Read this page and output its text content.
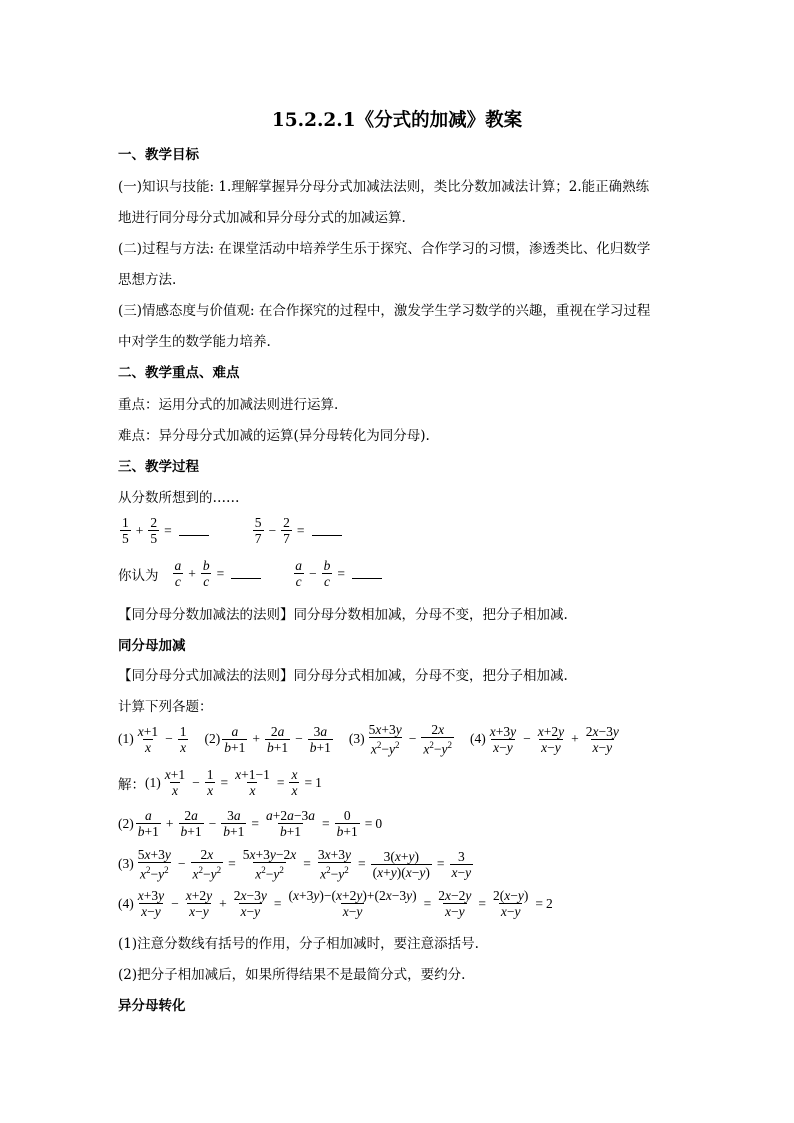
15.2.2.1《分式的加减》教案
一、教学目标
(一)知识与技能: 1.理解掌握异分母分式加减法法则，类比分数加减法计算；2.能正确熟练
地进行同分母分式加减和异分母分式的加减运算.
(二)过程与方法: 在课堂活动中培养学生乐于探究、合作学习的习惯，渗透类比、化归数学
思想方法.
(三)情感态度与价值观: 在合作探究的过程中，激发学生学习数学的兴趣，重视在学习过程
中对学生的数学能力培养.
二、教学重点、难点
重点：运用分式的加减法则进行运算.
难点：异分母分式加减的运算(异分母转化为同分母).
三、教学过程
从分数所想到的……
1
5
+ $\frac{2}{5}$ =	5
7
− $\frac{2}{7}$ =
你认为
a
c
+ $\frac{b}{c}$ =	a
c
− $\frac{b}{c}$ =
【同分母分数加减法的法则】同分母分数相加减，分母不变，把分子相加减.
同分母加减
【同分母分式加减法的法则】同分母分式相加减，分母不变，把分子相加减.
计算下列各题：
(1) x+1
x
− $\frac{1}{x} (2)$ a
b+1
+ $\frac{2a}{b+1} - \frac{3a}{b+1} (3)$
5x+3y
$x^2-y^2 - \frac{2x}{x^2-y^2} (4)$ x+3y
x−y
− $\frac{x+2y}{x-y} + \frac{2x-3y}{x-y}$
解： (1) x+1
x
− $\frac{1}{x} = \frac{x+1-1}{x} = \frac{x}{x} = 1$
(2) a
b+1
+ $\frac{2a}{b+1} - \frac{3a}{b+1} = \frac{a+2a-3a}{b+1} = \frac{0}{b+1} = 0$
(3)
5x+3y
$x^2-y^2 - \frac{2x}{x^2-y^2} = \frac{5x+3y-2x}{x^2-y^2} = \frac{3x+3y}{x^2-y^2} = \frac{3(x+y)}{(x+y)(x-y)} = \frac{3}{x-y}$
(4) x+3y
x−y
− $\frac{x+2y}{x-y} + \frac{2x-3y}{x-y} = \frac{(x+3y)-(x+2y)+(2x-3y)}{x-y} = \frac{2x-2y}{x-y} = \frac{2(x-y)}{x-y} = 2$
(1)注意分数线有括号的作用，分子相加减时，要注意添括号.
(2)把分子相加减后，如果所得结果不是最简分式，要约分.
异分母转化
